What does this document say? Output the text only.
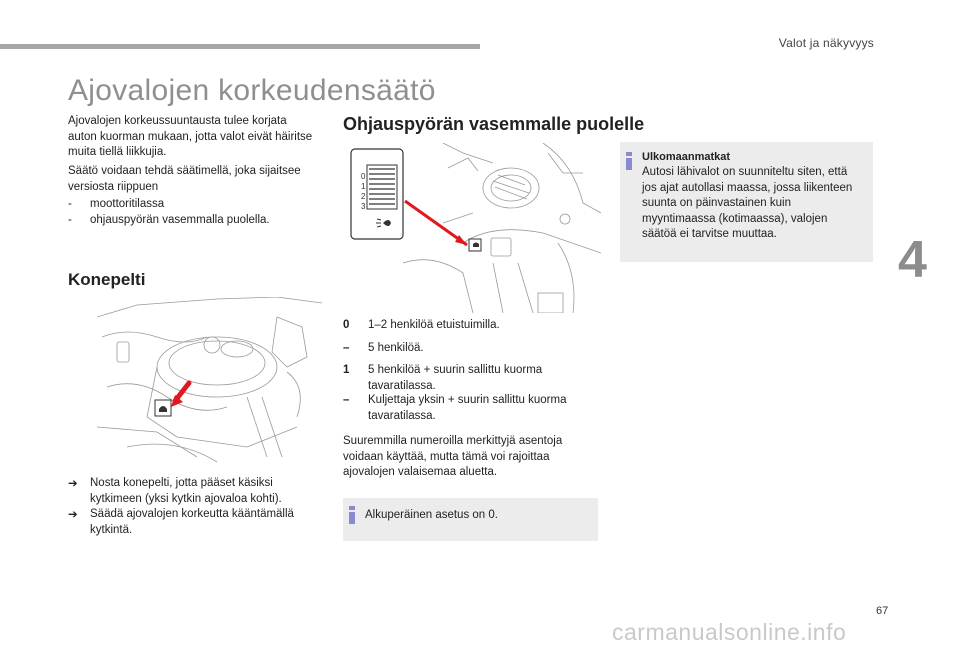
Valot ja näkyvyys
4
Ajovalojen korkeudensäätö
Ajovalojen korkeussuuntausta tulee korjata auton kuorman mukaan, jotta valot eivät häiritse muita tiellä liikkujia.
Säätö voidaan tehdä säätimellä, joka sijaitsee versiosta riippuen
- moottoritilassa
- ohjauspyörän vasemmalla puolella.
Konepelti
➔ Nosta konepelti, jotta pääset käsiksi kytkimeen (yksi kytkin ajovaloa kohti).
➔ Säädä ajovalojen korkeutta kääntämällä kytkintä.
Ohjauspyörän vasemmalle puolelle
0
1
2
3
0 1–2 henkilöä etuistuimilla.
– 5 henkilöä.
1 5 henkilöä + suurin sallittu kuorma tavaratilassa.
– Kuljettaja yksin + suurin sallittu kuorma tavaratilassa.
Suuremmilla numeroilla merkittyjä asentoja voidaan käyttää, mutta tämä voi rajoittaa ajovalojen valaisemaa aluetta.
Alkuperäinen asetus on 0.
Ulkomaanmatkat
Autosi lähivalot on suunniteltu siten, että jos ajat autollasi maassa, jossa liikenteen suunta on päinvastainen kuin myyntimaassa (kotimaassa), valojen säätöä ei tarvitse muuttaa.
67
carmanualsonline.info
